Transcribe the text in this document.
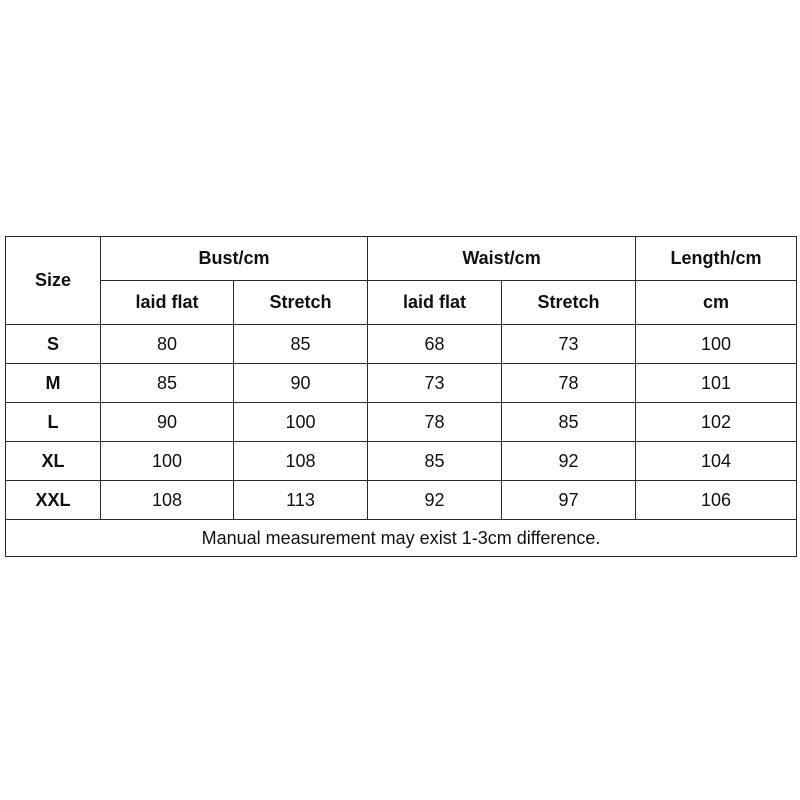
Size	Bust/cm		Waist/cm		Length/cm
	laid flat	Stretch	laid flat	Stretch	cm
S	80	85	68	73	100
M	85	90	73	78	101
L	90	100	78	85	102
XL	100	108	85	92	104
XXL	108	113	92	97	106
Manual measurement may exist 1-3cm difference.					
